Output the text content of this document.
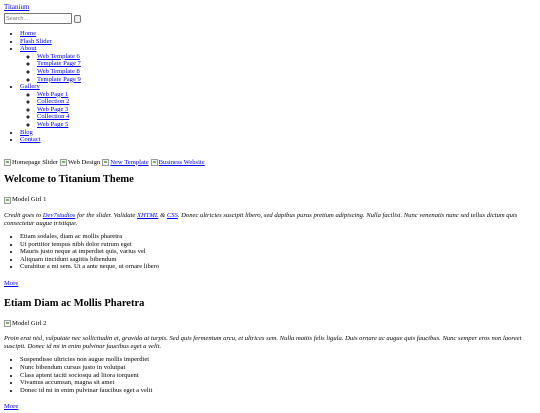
Titanium
Search...
• Home
• Flash Slider
• About
◦ Web Template 6
◦ Template Page 7
◦ Web Template 8
◦ Template Page 9
• Gallery
◦ Web Page 1
◦ Collection 2
◦ Web Page 3
◦ Collection 4
◦ Web Page 5
• Blog
• Contact
Homepage Slider Web Design New Template Business Website
Welcome to Titanium Theme
Model Girl 1

Credit goes to Dev7studios for the slider. Validate XHTML & CSS. Donec ultricies suscipit libero, sed dapibus purus pretium adipiscing. Nulla facilisi. Nunc venenatis nunc sed tellus dictum quis consectetur augue tristique.

• Etiam sodales, diam ac mollis pharetra
• Ut porttitor tempus nibh dolor rutrum eget
• Mauris justo neque at imperdiet quis, varius vel
• Aliquam tincidunt sagittis bibendum
• Curabitur a mi sem. Ut a ante neque, ut ornare libero
More
Etiam Diam ac Mollis Pharetra
Model Girl 2

Proin erat nisl, vulputate nec sollicitudin et, gravida at turpis. Sed quis fermentum arcu, et ultrices sem. Nulla mattis felis ligula. Duis ornare ac augue quis faucibus. Nunc semper eros non laoreet suscipit. Donec id mi in enim pulvinar faucibus eget a velit.

• Suspendisse ultricies non augue mollis imperdiet
• Nunc bibendum cursus justo in volutpat
• Class aptent taciti sociosqu ad litora torquent
• Vivamus accumsan, magna sit amet
• Donec id mi in enim pulvinar faucibus eget a velit
More
